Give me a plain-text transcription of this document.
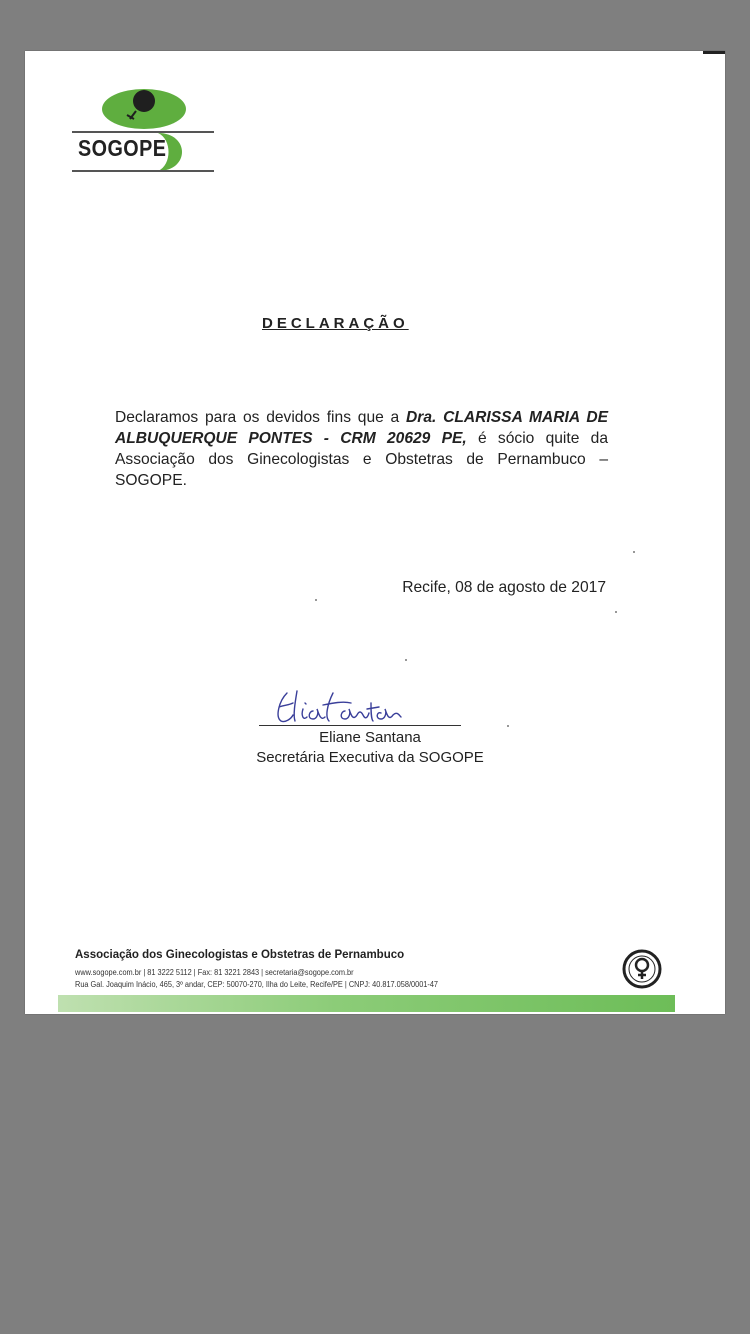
SOGOPE
DECLARAÇÃO
Declaramos para os devidos fins que a Dra. CLARISSA MARIA DE ALBUQUERQUE PONTES - CRM 20629 PE, é sócio quite da Associação dos Ginecologistas e Obstetras de Pernambuco – SOGOPE.
Recife, 08 de agosto de 2017
Eliane Santana
Secretária Executiva da SOGOPE
Associação dos Ginecologistas e Obstetras de Pernambuco
www.sogope.com.br | 81 3222 5112 | Fax: 81 3221 2843 | secretaria@sogope.com.br
Rua Gal. Joaquim Inácio, 465, 3º andar, CEP: 50070-270, Ilha do Leite, Recife/PE | CNPJ: 40.817.058/0001-47
